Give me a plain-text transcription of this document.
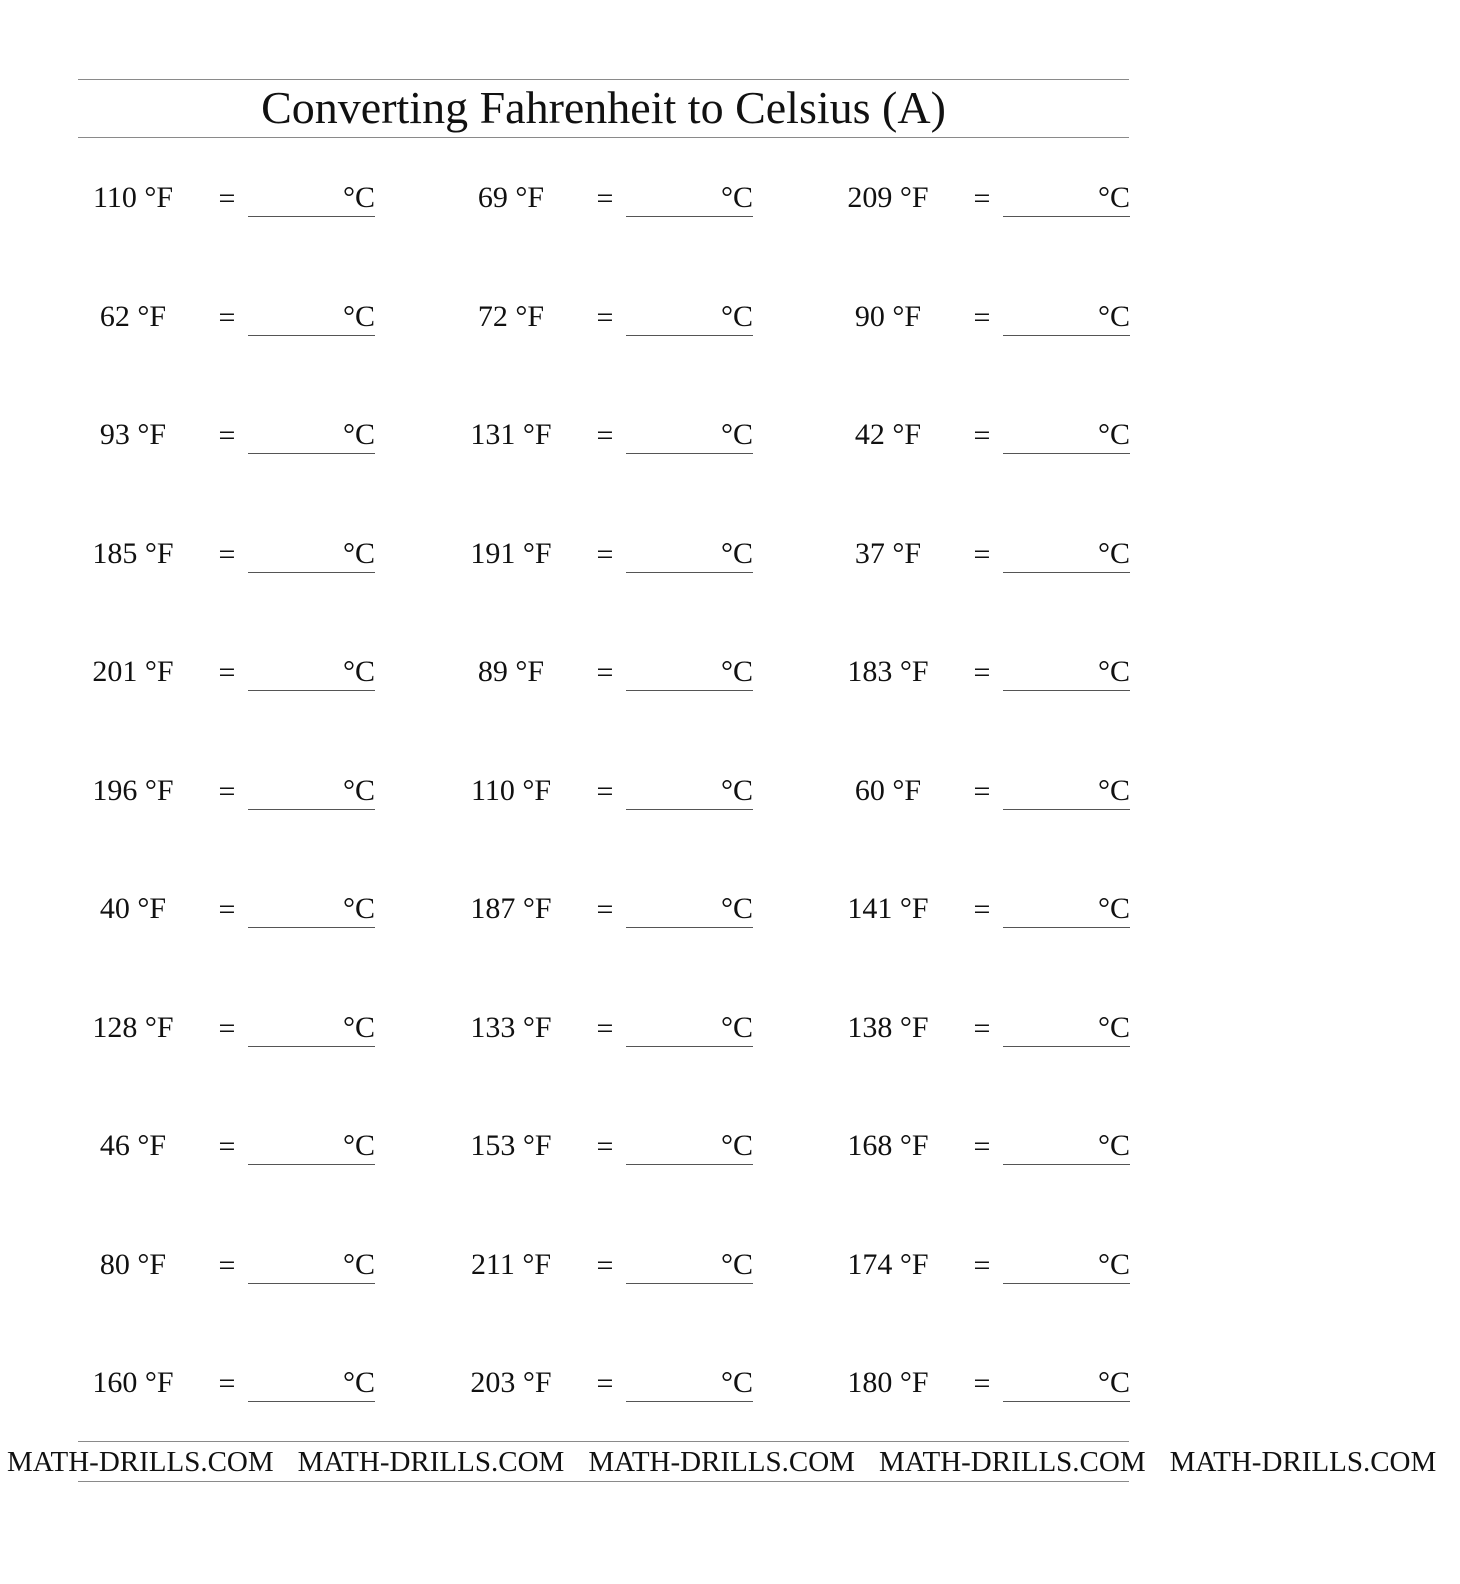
Converting Fahrenheit to Celsius (A)
110 °F	=	°C	69 °F	=	°C	209 °F	=	°C
62 °F	=	°C	72 °F	=	°C	90 °F	=	°C
93 °F	=	°C	131 °F	=	°C	42 °F	=	°C
185 °F	=	°C	191 °F	=	°C	37 °F	=	°C
201 °F	=	°C	89 °F	=	°C	183 °F	=	°C
196 °F	=	°C	110 °F	=	°C	60 °F	=	°C
40 °F	=	°C	187 °F	=	°C	141 °F	=	°C
128 °F	=	°C	133 °F	=	°C	138 °F	=	°C
46 °F	=	°C	153 °F	=	°C	168 °F	=	°C
80 °F	=	°C	211 °F	=	°C	174 °F	=	°C
160 °F	=	°C	203 °F	=	°C	180 °F	=	°C
MATH-DRILLS.COM MATH-DRILLS.COM MATH-DRILLS.COM MATH-DRILLS.COM MATH-DRILLS.COM
